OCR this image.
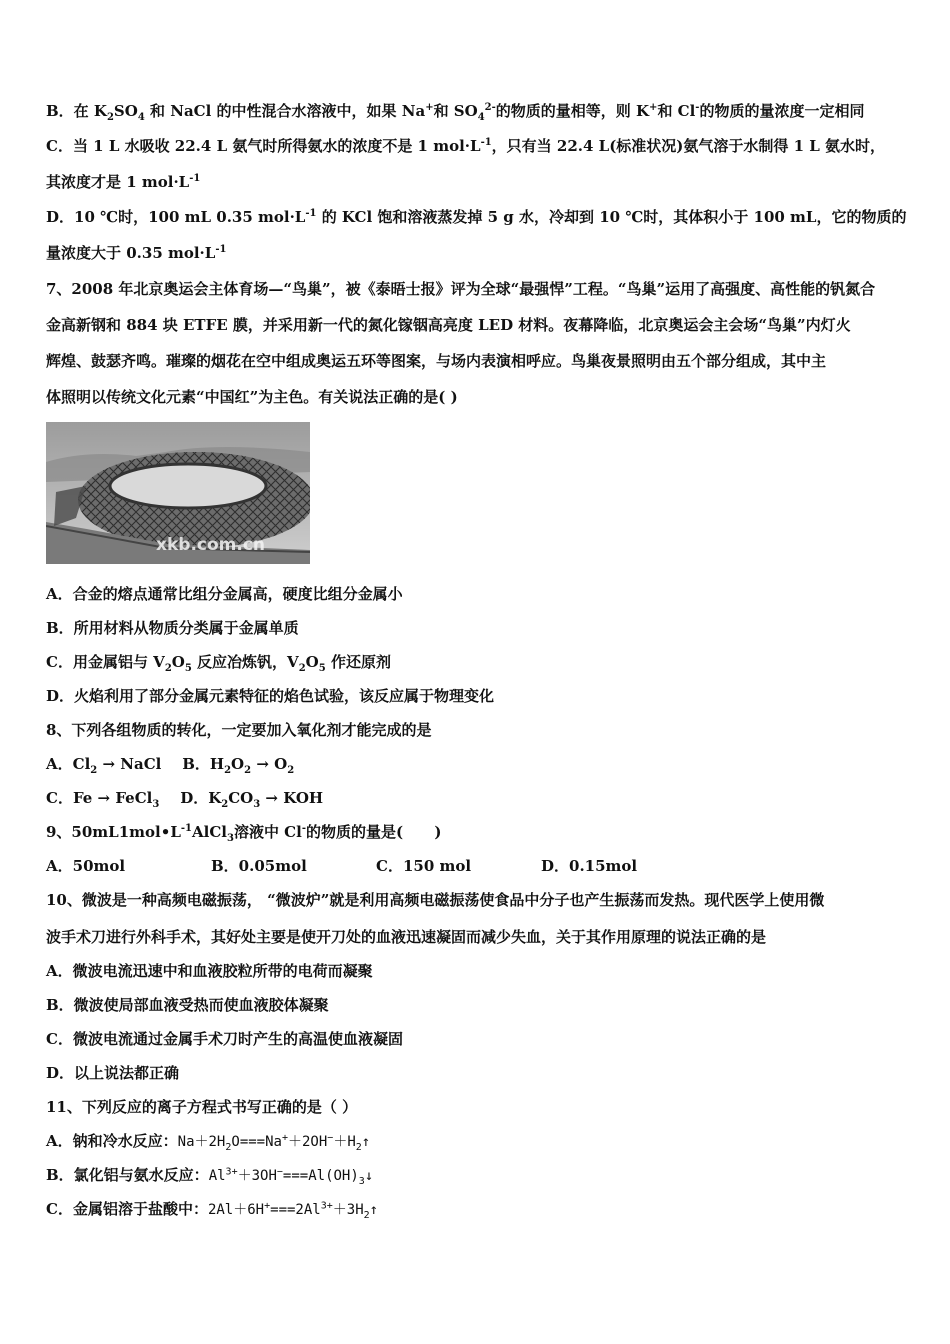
B．在 $K_2SO_4$ 和 NaCl 的中性混合水溶液中，如果 Na+和 $SO_4^{2-}$的物质的量相等，则 K+和 Cl-的物质的量浓度一定相同
C．当 1 L 水吸收 22.4 L 氨气时所得氨水的浓度不是 1 $mol\cdot L^{-1}$，只有当 22.4 L(标准状况)氨气溶于水制得 1 L 氨水时，
其浓度才是 1 $mol\cdot L^{-1}$
D．10 ℃时，100 mL 0.35 $mol\cdot L^{-1}$ 的 KCl 饱和溶液蒸发掉 5 g 水，冷却到 10 ℃时，其体积小于 100 mL，它的物质的
量浓度大于 0.35 $mol\cdot L^{-1}$
7、2008 年北京奥运会主体育场—“鸟巢”，被《泰晤士报》评为全球“最强悍”工程。“鸟巢”运用了高强度、高性能的钒氮合
金高新钢和 884 块 ETFE 膜，并采用新一代的氮化镓铟高亮度 LED 材料。夜幕降临，北京奥运会主会场“鸟巢”内灯火
辉煌、鼓瑟齐鸣。璀璨的烟花在空中组成奥运五环等图案，与场内表演相呼应。鸟巢夜景照明由五个部分组成，其中主
体照明以传统文化元素“中国红”为主色。有关说法正确的是( )
xkb.com.cn
A．合金的熔点通常比组分金属高，硬度比组分金属小
B．所用材料从物质分类属于金属单质
C．用金属铝与 $V_2O_5$ 反应冶炼钒，$V_2O_5$ 作还原剂
D．火焰利用了部分金属元素特征的焰色试验，该反应属于物理变化
8、下列各组物质的转化，一定要加入氧化剂才能完成的是
A．$Cl_2$ → NaCl    B．$H_2O_2 \to O_2$
C．Fe → FeCl$_3$    D．$K_2CO_3$ → KOH
9、$50mL1mol•L^{-1}AlCl_3$溶液中 Cl-的物质的量是(      )
A．50mol	B．0.05mol	C．150 mol	D．0.15mol
10、微波是一种高频电磁振荡， “微波炉”就是利用高频电磁振荡使食品中分子也产生振荡而发热。现代医学上使用微
波手术刀进行外科手术，其好处主要是使开刀处的血液迅速凝固而减少失血，关于其作用原理的说法正确的是
A．微波电流迅速中和血液胶粒所带的电荷而凝聚
B．微波使局部血液受热而使血液胶体凝聚
C．微波电流通过金属手术刀时产生的高温使血液凝固
D．以上说法都正确
11、下列反应的离子方程式书写正确的是（ ）
A．钠和冷水反应：$Na+2H_2O===Na^++2OH^-+H_2↑$
B．氯化铝与氨水反应：$Al^{3+}+3OH^-===Al(OH)_3↓$
C．金属铝溶于盐酸中：$2Al+6H^+===2Al^{3+}+3H_2↑$
